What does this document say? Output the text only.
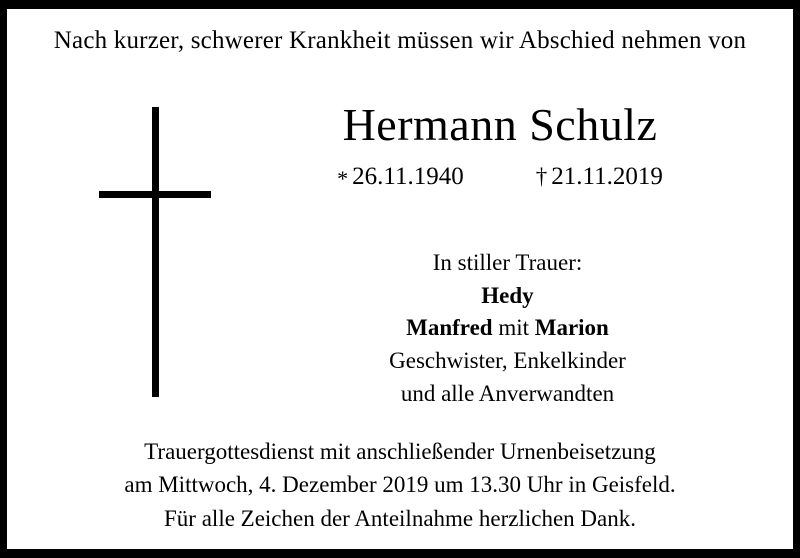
Nach kurzer, schwerer Krankheit müssen wir Abschied nehmen von
Hermann Schulz
* 26.11.1940	† 21.11.2019
In stiller Trauer:
Hedy
Manfred mit Marion
Geschwister, Enkelkinder
und alle Anverwandten
Trauergottesdienst mit anschließender Urnenbeisetzung
am Mittwoch, 4. Dezember 2019 um 13.30 Uhr in Geisfeld.
Für alle Zeichen der Anteilnahme herzlichen Dank.
